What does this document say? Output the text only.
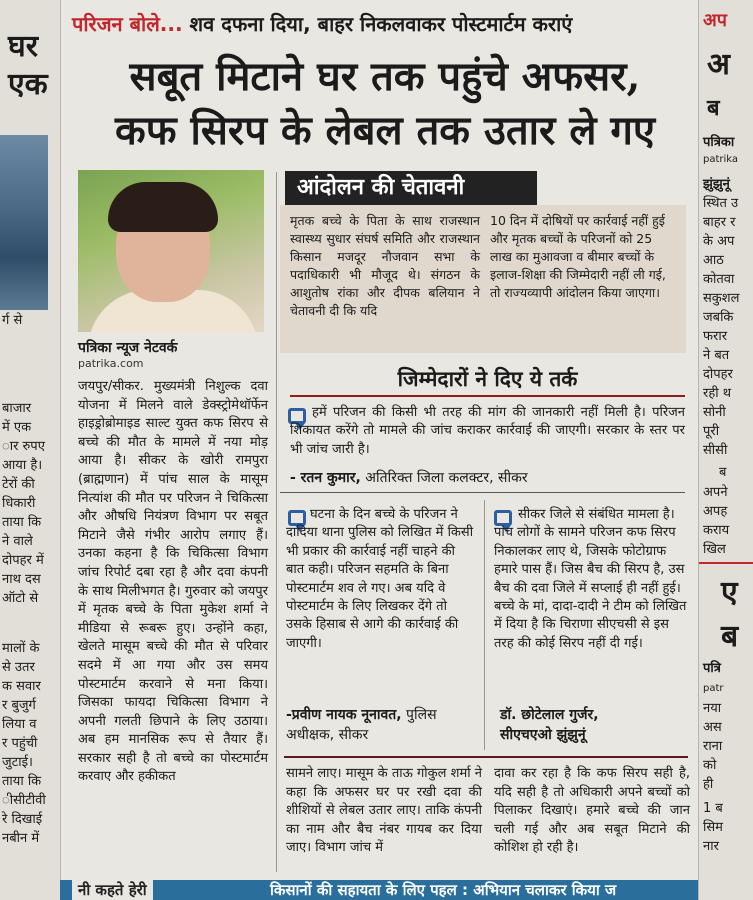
घर
एक
र्ग से
बाजार
में एक
ार रुपए
आया है।
टेरों की
धिकारी
ताया कि
ने वाले
दोपहर में
नाथ दस
ऑटो से
मालों के
से उतर
क सवार
र बुजुर्ग
लिया व
र पहुंची
जुटाई।
ताया कि
ीसीटीवी
रे दिखाई
नबीन में
अप
अ
ब
पत्रिका
patrika
झुंझुनूं
स्थित उ
बाहर र
के अप
आठ
कोतवा
सकुशल
जबकि
फरार
ने बत
दोपहर
रही थ
सोनी
पूरी
सीसी
ब
अपने
अपह
कराय
खिल
ए
ब
पत्रि
patr
नया
अस
राना
को
ही
1 ब
सिम
नार
परिजन बोले... शव दफना दिया, बाहर निकलवाकर पोस्टमार्टम कराएं
सबूत मिटाने घर तक पहुंचे अफसर,
कफ सिरप के लेबल तक उतार ले गए
पत्रिका न्यूज नेटवर्क
patrika.com
जयपुर/सीकर. मुख्यमंत्री निशुल्क दवा योजना में मिलने वाले डेक्स्ट्रोमेथॉर्फेन हाइड्रोब्रोमाइड साल्ट युक्त कफ सिरप से बच्चे की मौत के मामले में नया मोड़ आया है। सीकर के खोरी रामपुरा (ब्राह्मणान) में पांच साल के मासूम नित्यांश की मौत पर परिजन ने चिकित्सा और औषधि नियंत्रण विभाग पर सबूत मिटाने जैसे गंभीर आरोप लगाए हैं। उनका कहना है कि चिकित्सा विभाग जांच रिपोर्ट दबा रहा है और दवा कंपनी के साथ मिलीभगत है। गुरुवार को जयपुर में मृतक बच्चे के पिता मुकेश शर्मा ने मीडिया से रूबरू हुए। उन्होंने कहा, खेलते मासूम बच्चे की मौत से परिवार सदमे में आ गया और उस समय पोस्टमार्टम करवाने से मना किया। जिसका फायदा चिकित्सा विभाग ने अपनी गलती छिपाने के लिए उठाया। अब हम मानसिक रूप से तैयार हैं। सरकार सही है तो बच्चे का पोस्टमार्टम करवाए और हकीकत
आंदोलन की चेतावनी
मृतक बच्चे के पिता के साथ राजस्थान स्वास्थ्य सुधार संघर्ष समिति और राजस्थान किसान मजदूर नौजवान सभा के पदाधिकारी भी मौजूद थे। संगठन के आशुतोष रांका और दीपक बलियान ने चेतावनी दी कि यदि
10 दिन में दोषियों पर कार्रवाई नहीं हुई और मृतक बच्चों के परिजनों को 25 लाख का मुआवजा व बीमार बच्चों के इलाज-शिक्षा की जिम्मेदारी नहीं ली गई, तो राज्यव्यापी आंदोलन किया जाएगा।
जिम्मेदारों ने दिए ये तर्क
हमें परिजन की किसी भी तरह की मांग की जानकारी नहीं मिली है। परिजन शिकायत करेंगे तो मामले की जांच कराकर कार्रवाई की जाएगी। सरकार के स्तर पर भी जांच जारी है।
- रतन कुमार, अतिरिक्त जिला कलक्टर, सीकर
घटना के दिन बच्चे के परिजन ने दादिया थाना पुलिस को लिखित में किसी भी प्रकार की कार्रवाई नहीं चाहने की बात कही। परिजन सहमति के बिना पोस्टमार्टम शव ले गए। अब यदि वे पोस्टमार्टम के लिए लिखकर देंगे तो उसके हिसाब से आगे की कार्रवाई की जाएगी।
-प्रवीण नायक नूनावत, पुलिस अधीक्षक, सीकर
सीकर जिले से संबंधित मामला है। पांच लोगों के सामने परिजन कफ सिरप निकालकर लाए थे, जिसके फोटोग्राफ हमारे पास हैं। जिस बैच की सिरप है, उस बैच की दवा जिले में सप्लाई ही नहीं हुई। बच्चे के मां, दादा-दादी ने टीम को लिखित में दिया है कि चिराणा सीएचसी से इस तरह की कोई सिरप नहीं दी गई।
डॉ. छोटेलाल गुर्जर,
सीएचएओ झुंझुनूं
सामने लाए। मासूम के ताऊ गोकुल शर्मा ने कहा कि अफसर घर पर रखी दवा की शीशियों से लेबल उतार लाए। ताकि कंपनी का नाम और बैच नंबर गायब कर दिया जाए। विभाग जांच में
दावा कर रहा है कि कफ सिरप सही है, यदि सही है तो अधिकारी अपने बच्चों को पिलाकर दिखाएं। हमारे बच्चे की जान चली गई और अब सबूत मिटाने की कोशिश हो रही है।
नी कहते हेरी	किसानों की सहायता के लिए पहल : अभियान चलाकर किया ज
